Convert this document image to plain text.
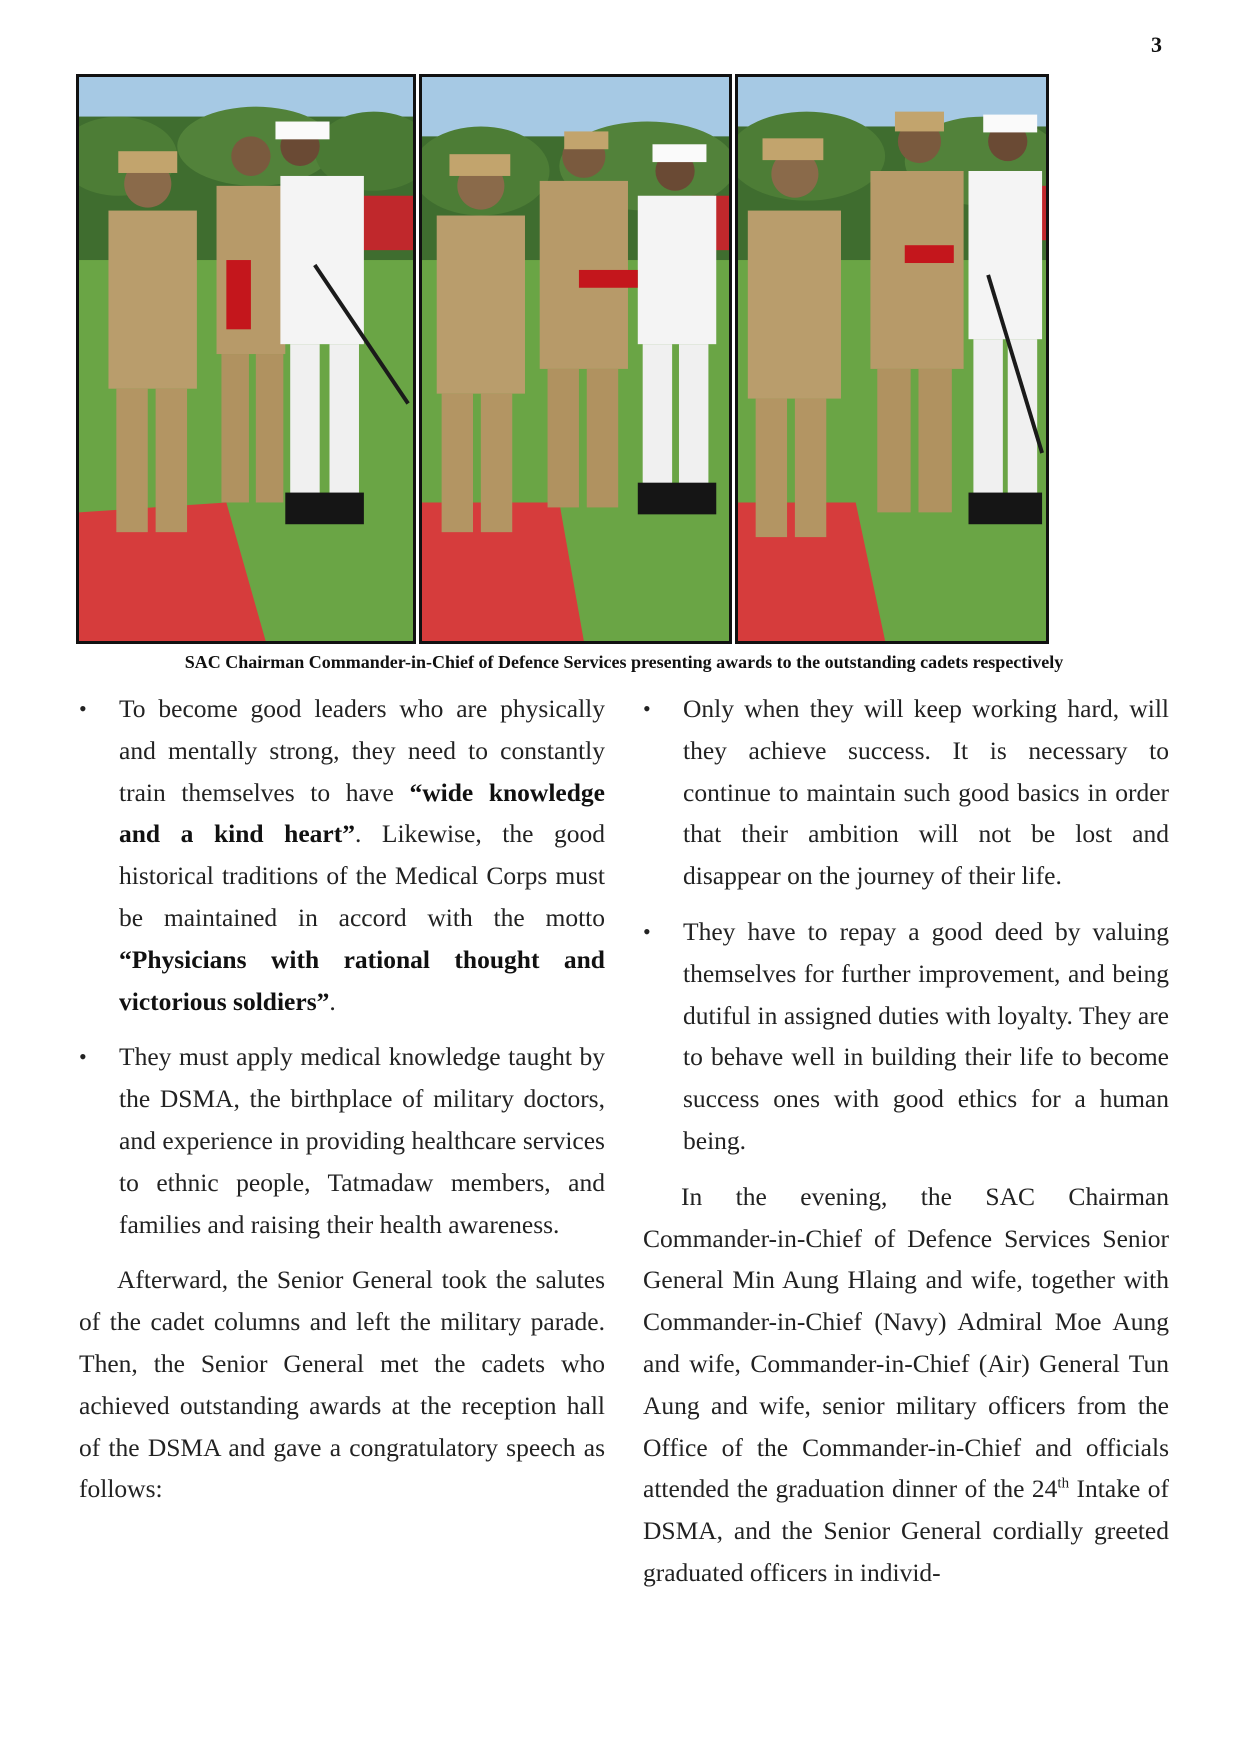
3
SAC Chairman Commander-in-Chief of Defence Services presenting awards to the outstanding cadets respectively
• To become good leaders who are physically and mentally strong, they need to constantly train themselves to have “wide knowledge and a kind heart”. Likewise, the good historical traditions of the Medical Corps must be maintained in accord with the motto “Physicians with rational thought and victorious soldiers”.
• They must apply medical knowledge taught by the DSMA, the birthplace of military doctors, and experience in providing healthcare services to ethnic people, Tatmadaw members, and families and raising their health awareness.

Afterward, the Senior General took the salutes of the cadet columns and left the military parade. Then, the Senior General met the cadets who achieved outstanding awards at the reception hall of the DSMA and gave a congratulatory speech as follows:

• Only when they will keep working hard, will they achieve success. It is necessary to continue to maintain such good basics in order that their ambition will not be lost and disappear on the journey of their life.
• They have to repay a good deed by valuing themselves for further improvement, and being dutiful in assigned duties with loyalty. They are to behave well in building their life to become success ones with good ethics for a human being.

In the evening, the SAC Chairman Commander-in-Chief of Defence Services Senior General Min Aung Hlaing and wife, together with Commander-in-Chief (Navy) Admiral Moe Aung and wife, Commander-in-Chief (Air) General Tun Aung and wife, senior military officers from the Office of the Commander-in-Chief and officials attended the graduation dinner of the 24th Intake of DSMA, and the Senior General cordially greeted graduated officers in individ-
